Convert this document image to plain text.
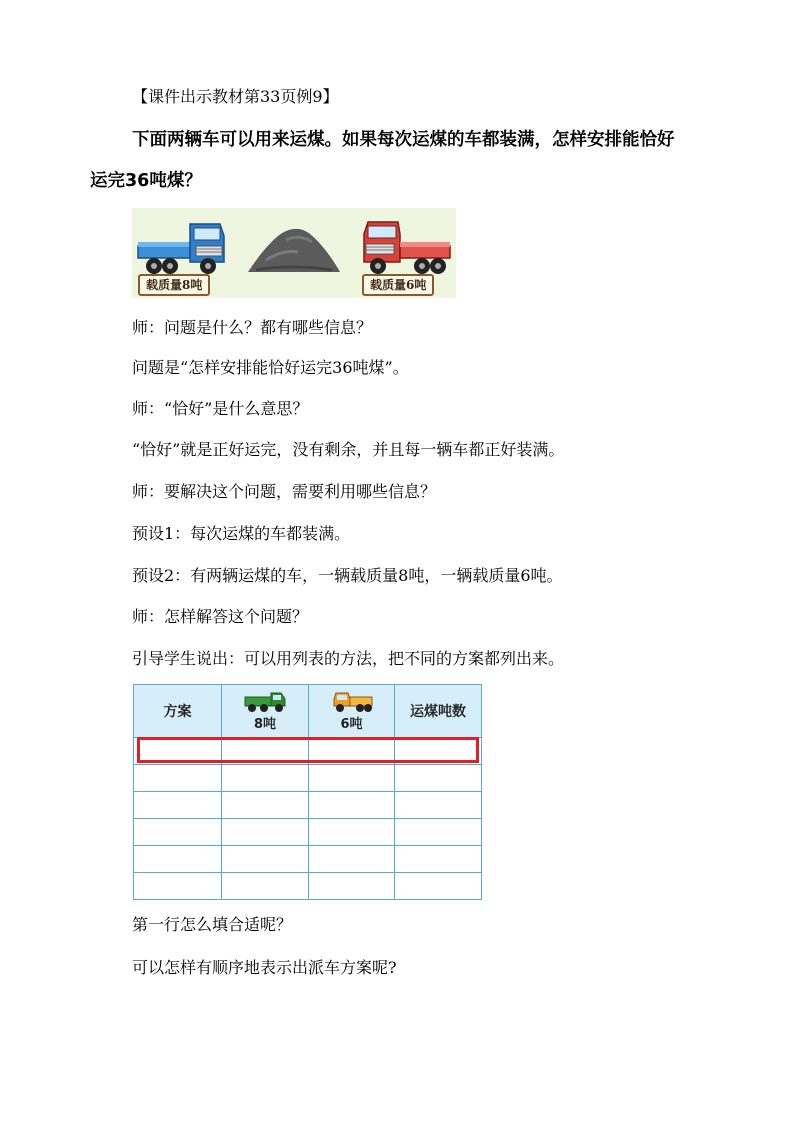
【课件出示教材第33页例9】
下面两辆车可以用来运煤。如果每次运煤的车都装满，怎样安排能恰好
运完36吨煤？
载质量8吨	载质量6吨
师：问题是什么？都有哪些信息？
问题是“怎样安排能恰好运完36吨煤”。
师：“恰好”是什么意思？
“恰好”就是正好运完，没有剩余，并且每一辆车都正好装满。
师：要解决这个问题，需要利用哪些信息？
预设1：每次运煤的车都装满。
预设2：有两辆运煤的车，一辆载质量8吨，一辆载质量6吨。
师：怎样解答这个问题？
引导学生说出：可以用列表的方法，把不同的方案都列出来。
方案	8吨	6吨	运煤吨数

第一行怎么填合适呢？
可以怎样有顺序地表示出派车方案呢?
